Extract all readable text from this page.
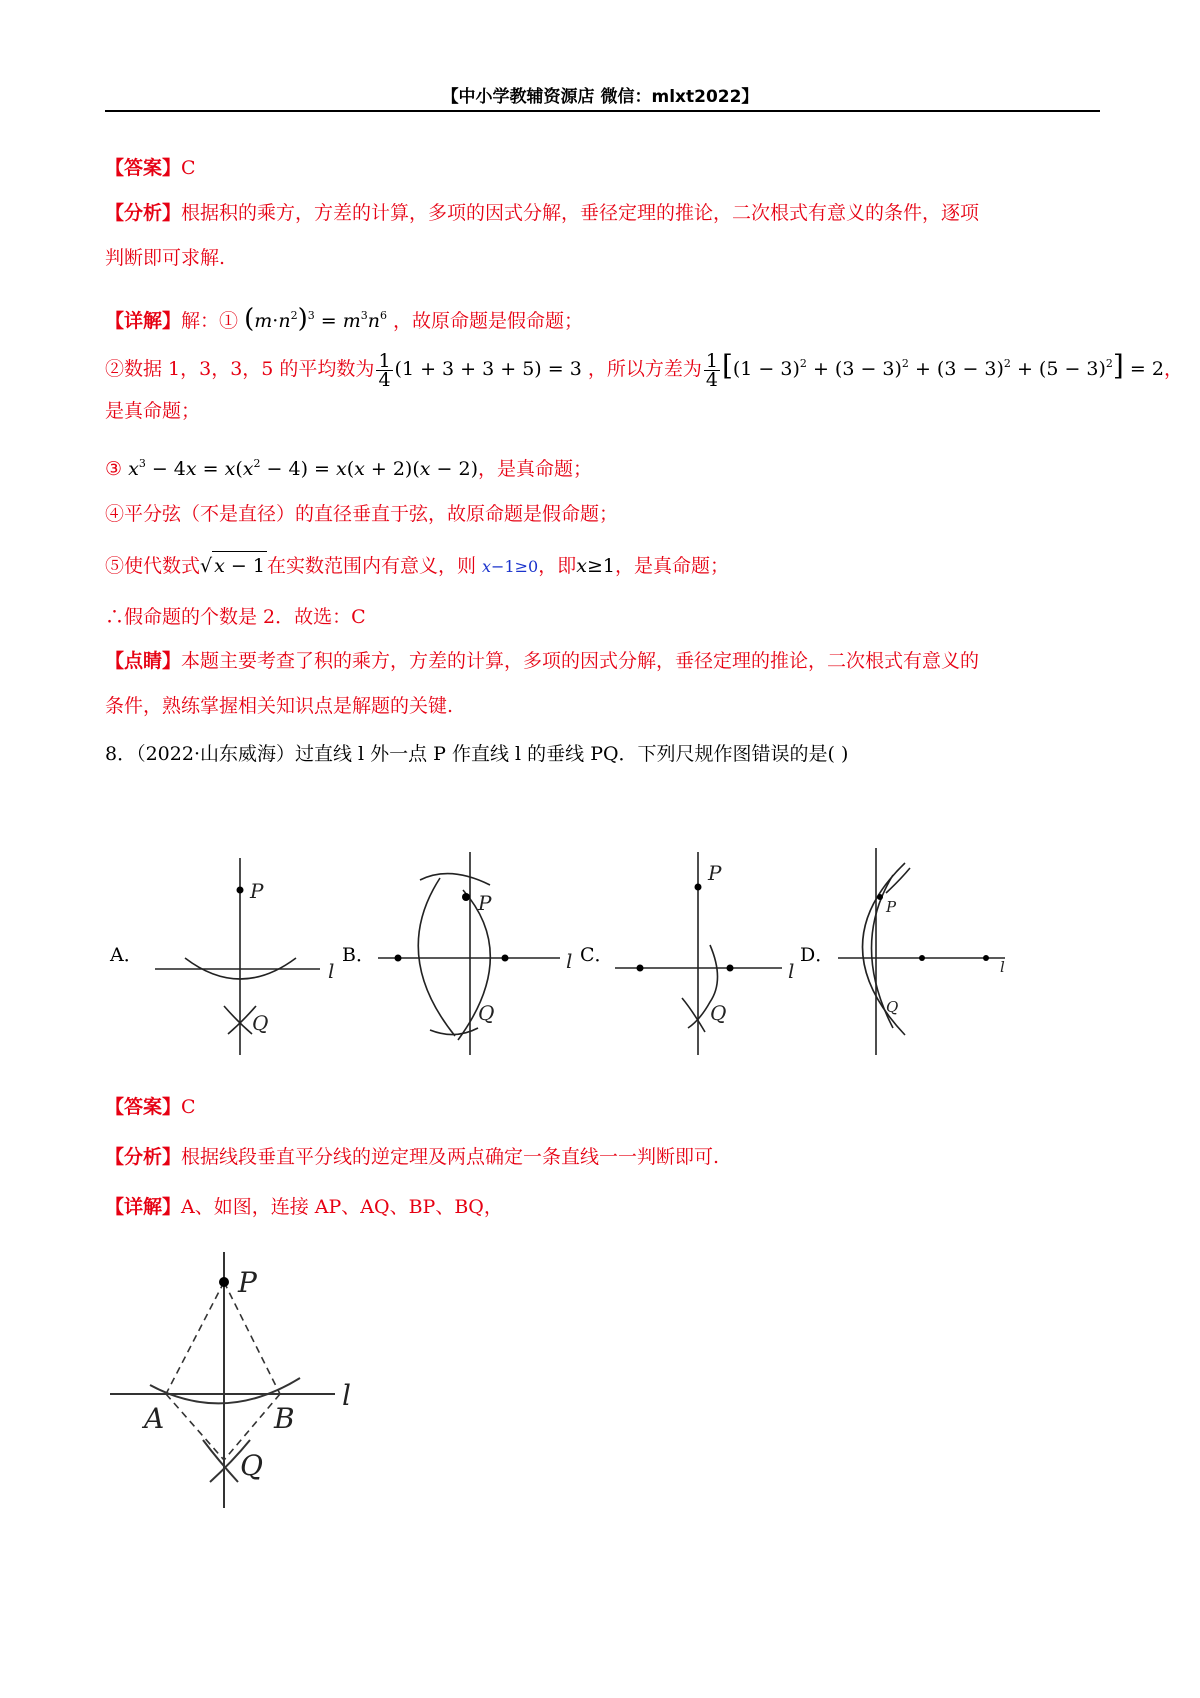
【中小学教辅资源店 微信：mlxt2022】
【答案】C
【分析】根据积的乘方，方差的计算，多项的因式分解，垂径定理的推论，二次根式有意义的条件，逐项
判断即可求解.
【详解】解：① $(m\cdot n^2)^3 = m^3n^6$ ，故原命题是假命题；
②数据 1，3，3，5 的平均数为 $\frac{1}{4} (1 + 3 + 3 + 5) = 3$ ，所以方差为 $\frac{1}{4} [(1 - 3)^2 + (3 - 3)^2 + (3 - 3)^2 + (5 - 3)^2] = 2$，
是真命题；
③ $x^3 - 4x = x(x^2 - 4) = x(x + 2)(x - 2)$，是真命题；
④平分弦（不是直径）的直径垂直于弦，故原命题是假命题；
⑤使代数式√ x − 1 在实数范围内有意义，则 x−1≥0，即x≥1，是真命题；
∴假命题的个数是 2．故选：C
【点睛】本题主要考查了积的乘方，方差的计算，多项的因式分解，垂径定理的推论，二次根式有意义的
条件，熟练掌握相关知识点是解题的关键.
8．（2022·山东威海）过直线 l 外一点 P 作直线 l 的垂线 PQ．下列尺规作图错误的是( )
A．	B．	C．	D．
P
l
Q
P
l
Q
P
l
Q
P
l
Q
【答案】C
【分析】根据线段垂直平分线的逆定理及两点确定一条直线一一判断即可.
【详解】A、如图，连接 AP、AQ、BP、BQ，
P
l
A	B
Q
